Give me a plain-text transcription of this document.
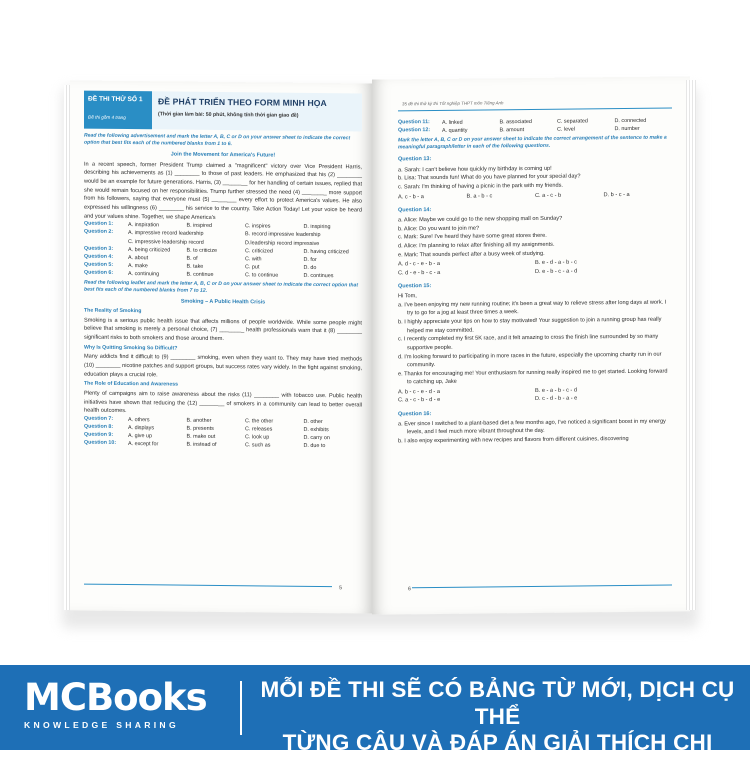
ĐỀ THI THỬ SỐ 1
Đề thi gồm 4 trang
ĐỀ PHÁT TRIỂN THEO FORM MINH HỌA
(Thời gian làm bài: 50 phút, không tính thời gian giao đề)
Read the following advertisement and mark the letter A, B, C or D on your answer sheet to indicate the correct option that best fits each of the numbered blanks from 1 to 6.
Join the Movement for America's Future!
In a recent speech, former President Trump claimed a "magnificent" victory over Vice President Harris, describing his achievements as (1) ________ to those of past leaders. He emphasized that his (2) ________ would be an example for future generations. Harris, (3) ________ for her handling of certain issues, replied that she would remain focused on her responsibilities. Trump further stressed the need (4) ________ more support from his followers, saying that everyone must (5) ________ every effort to protect America's values. He also expressed his willingness (6) ________ his service to the country. Take Action Today! Let your voice be heard and your values shine. Together, we shape America's
Question 1:	A. inspiration	B. inspired	C. inspires	D. inspiring
Question 2:	A. impressive record leadership	B. record impressive leadership
C. impressive leadership record	D.leadership record impressive
Question 3:	A. being criticized	B. to criticize	C. criticized	D. having criticized
Question 4:	A. about	B. of	C. with	D. for
Question 5:	A. make	B. take	C. put	D. do
Question 6:	A. continuing	B. continue	C. to continue	D. continues
Read the following leaflet and mark the letter A, B, C or D on your answer sheet to indicate the correct option that best fits each of the numbered blanks from 7 to 12.
Smoking – A Public Health Crisis
The Reality of Smoking
Smoking is a serious public health issue that affects millions of people worldwide. While some people might believe that smoking is merely a personal choice, (7) ________ health professionals warn that it (8) ________ significant risks to both smokers and those around them.
Why Is Quitting Smoking So Difficult?
Many addicts find it difficult to (9) ________ smoking, even when they want to. They may have tried methods (10) ________ nicotine patches and support groups, but success rates vary widely. In the fight against smoking, education plays a crucial role.
The Role of Education and Awareness
Plenty of campaigns aim to raise awareness about the risks (11) ________ with tobacco use. Public health initiatives have shown that reducing the (12) ________ of smokers in a community can lead to better overall health outcomes.
Question 7:	A. others	B. another	C. the other	D. other
Question 8:	A. displays	B. presents	C. releases	D. exhibits
Question 9:	A. give up	B. make out	C. look up	D. carry on
Question 10:	A. except for	B. instead of	C. such as	D. due to
5
35 đề thi thử kỳ thi Tốt nghiệp THPT môn Tiếng Anh
Question 11:	A. linked	B. associated	C. separated	D. connected
Question 12:	A. quantity	B. amount	C. level	D. number
Mark the letter A, B, C or D on your answer sheet to indicate the correct arrangement of the sentence to make a meaningful paragraph/letter in each of the following questions.
Question 13:
a. Sarah: I can't believe how quickly my birthday is coming up!
b. Lisa: That sounds fun! What do you have planned for your special day?
c. Sarah: I'm thinking of having a picnic in the park with my friends.
A. c - b - a	B. a - b - c	C. a - c - b	D. b - c - a
Question 14:
a. Alice: Maybe we could go to the new shopping mall on Sunday?
b. Alice: Do you want to join me?
c. Mark: Sure! I've heard they have some great stores there.
d. Alice: I'm planning to relax after finishing all my assignments.
e. Mark: That sounds perfect after a busy week of studying.
A. d - c - e - b - a	B. e - d - a - b - c
C. d - e - b - c - a	D. e - b - c - a - d
Question 15:
Hi Tom,
a. I've been enjoying my new running routine; it's been a great way to relieve stress after long days at work. I try to go for a jog at least three times a week.
b. I highly appreciate your tips on how to stay motivated! Your suggestion to join a running group has really helped me stay committed.
c. I recently completed my first 5K race, and it felt amazing to cross the finish line surrounded by so many supportive people.
d. I'm looking forward to participating in more races in the future, especially the upcoming charity run in our community.
e. Thanks for encouraging me! Your enthusiasm for running really inspired me to get started. Looking forward to catching up, Jake
A. b - c - e - d - a	B. e - a - b - c - d
C. a - c - b - d - e	D. c - d - b - a - e
Question 16:
a. Ever since I switched to a plant-based diet a few months ago, I've noticed a significant boost in my energy levels, and I feel much more vibrant throughout the day.
b. I also enjoy experimenting with new recipes and flavors from different cuisines, discovering
6
MCBooks
KNOWLEDGE SHARING
MỖI ĐỀ THI SẼ CÓ BẢNG TỪ MỚI, DỊCH CỤ THỂ
TỪNG CÂU VÀ ĐÁP ÁN GIẢI THÍCH CHI TIẾT
